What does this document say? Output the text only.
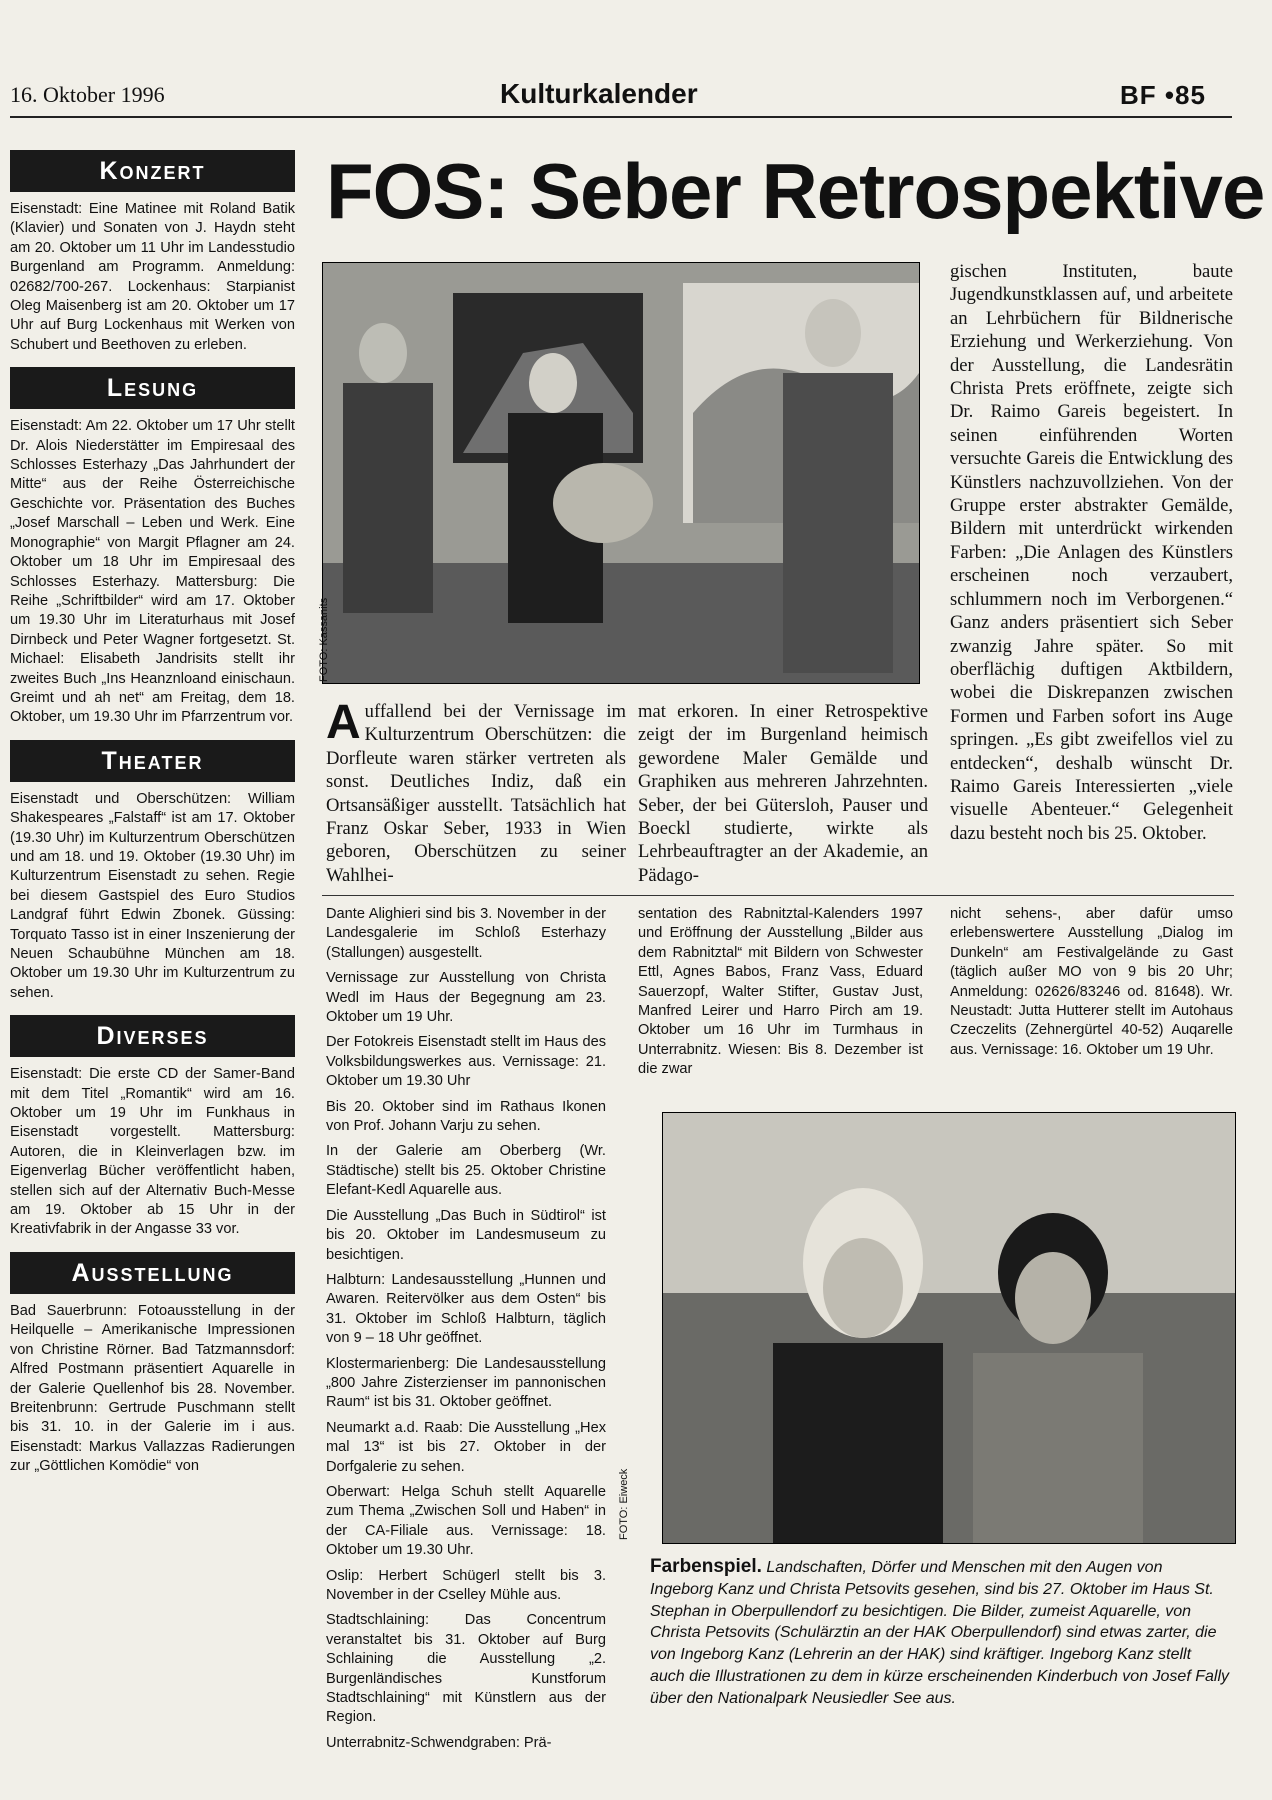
16. Oktober 1996	Kulturkalender	BF •85
Konzert
Eisenstadt: Eine Matinee mit Roland Batik (Klavier) und Sonaten von J. Haydn steht am 20. Oktober um 11 Uhr im Landesstudio Burgenland am Programm. Anmeldung: 02682/700-267. Lockenhaus: Starpianist Oleg Maisenberg ist am 20. Oktober um 17 Uhr auf Burg Lockenhaus mit Werken von Schubert und Beethoven zu erleben.
Lesung
Eisenstadt: Am 22. Oktober um 17 Uhr stellt Dr. Alois Niederstätter im Empiresaal des Schlosses Esterhazy „Das Jahrhundert der Mitte“ aus der Reihe Österreichische Geschichte vor. Präsentation des Buches „Josef Marschall – Leben und Werk. Eine Monographie“ von Margit Pflagner am 24. Oktober um 18 Uhr im Empiresaal des Schlosses Esterhazy. Mattersburg: Die Reihe „Schriftbilder“ wird am 17. Oktober um 19.30 Uhr im Literaturhaus mit Josef Dirnbeck und Peter Wagner fortgesetzt. St. Michael: Elisabeth Jandrisits stellt ihr zweites Buch „Ins Heanznloand einischaun. Greimt und ah net“ am Freitag, dem 18. Oktober, um 19.30 Uhr im Pfarrzentrum vor.
Theater
Eisenstadt und Oberschützen: William Shakespeares „Falstaff“ ist am 17. Oktober (19.30 Uhr) im Kulturzentrum Oberschützen und am 18. und 19. Oktober (19.30 Uhr) im Kulturzentrum Eisenstadt zu sehen. Regie bei diesem Gastspiel des Euro Studios Landgraf führt Edwin Zbonek. Güssing: Torquato Tasso ist in einer Inszenierung der Neuen Schaubühne München am 18. Oktober um 19.30 Uhr im Kulturzentrum zu sehen.
Diverses
Eisenstadt: Die erste CD der Samer-Band mit dem Titel „Romantik“ wird am 16. Oktober um 19 Uhr im Funkhaus in Eisenstadt vorgestellt. Mattersburg: Autoren, die in Kleinverlagen bzw. im Eigenverlag Bücher veröffentlicht haben, stellen sich auf der Alternativ Buch-Messe am 19. Oktober ab 15 Uhr in der Kreativfabrik in der Angasse 33 vor.
Ausstellung
Bad Sauerbrunn: Fotoausstellung in der Heilquelle – Amerikanische Impressionen von Christine Rörner. Bad Tatzmannsdorf: Alfred Postmann präsentiert Aquarelle in der Galerie Quellenhof bis 28. November. Breitenbrunn: Gertrude Puschmann stellt bis 31. 10. in der Galerie im i aus. Eisenstadt: Markus Vallazzas Radierungen zur „Göttlichen Komödie“ von
FOS: Seber Retrospektive
FOTO: Kassanits
Auffallend bei der Vernissage im Kulturzentrum Oberschützen: die Dorfleute waren stärker vertreten als sonst. Deutliches Indiz, daß ein Ortsansäßiger ausstellt. Tatsächlich hat Franz Oskar Seber, 1933 in Wien geboren, Oberschützen zu seiner Wahlhei-
mat erkoren. In einer Retrospektive zeigt der im Burgenland heimisch gewordene Maler Gemälde und Graphiken aus mehreren Jahrzehnten. Seber, der bei Gütersloh, Pauser und Boeckl studierte, wirkte als Lehrbeauftragter an der Akademie, an Pädago-
gischen Instituten, baute Jugendkunstklassen auf, und arbeitete an Lehrbüchern für Bildnerische Erziehung und Werkerziehung. Von der Ausstellung, die Landesrätin Christa Prets eröffnete, zeigte sich Dr. Raimo Gareis begeistert. In seinen einführenden Worten versuchte Gareis die Entwicklung des Künstlers nachzuvollziehen. Von der Gruppe erster abstrakter Gemälde, Bildern mit unterdrückt wirkenden Farben: „Die Anlagen des Künstlers erscheinen noch verzaubert, schlummern noch im Verborgenen.“ Ganz anders präsentiert sich Seber zwanzig Jahre später. So mit oberflächig duftigen Aktbildern, wobei die Diskrepanzen zwischen Formen und Farben sofort ins Auge springen. „Es gibt zweifellos viel zu entdecken“, deshalb wünscht Dr. Raimo Gareis Interessierten „viele visuelle Abenteuer.“ Gelegenheit dazu besteht noch bis 25. Oktober.

Dante Alighieri sind bis 3. November in der Landesgalerie im Schloß Esterhazy (Stallungen) ausgestellt.

Vernissage zur Ausstellung von Christa Wedl im Haus der Begegnung am 23. Oktober um 19 Uhr.

Der Fotokreis Eisenstadt stellt im Haus des Volksbildungswerkes aus. Vernissage: 21. Oktober um 19.30 Uhr

Bis 20. Oktober sind im Rathaus Ikonen von Prof. Johann Varju zu sehen.

In der Galerie am Oberberg (Wr. Städtische) stellt bis 25. Oktober Christine Elefant-Kedl Aquarelle aus.

Die Ausstellung „Das Buch in Südtirol“ ist bis 20. Oktober im Landesmuseum zu besichtigen.

Halbturn: Landesausstellung „Hunnen und Awaren. Reitervölker aus dem Osten“ bis 31. Oktober im Schloß Halbturn, täglich von 9 – 18 Uhr geöffnet.

Klostermarienberg: Die Landesausstellung „800 Jahre Zisterzienser im pannonischen Raum“ ist bis 31. Oktober geöffnet.

Neumarkt a.d. Raab: Die Ausstellung „Hex mal 13“ ist bis 27. Oktober in der Dorfgalerie zu sehen.

Oberwart: Helga Schuh stellt Aquarelle zum Thema „Zwischen Soll und Haben“ in der CA-Filiale aus. Vernissage: 18. Oktober um 19.30 Uhr.

Oslip: Herbert Schügerl stellt bis 3. November in der Cselley Mühle aus.

Stadtschlaining: Das Concentrum veranstaltet bis 31. Oktober auf Burg Schlaining die Ausstellung „2. Burgenländisches Kunstforum Stadtschlaining“ mit Künstlern aus der Region.

Unterrabnitz-Schwendgraben: Prä-

sentation des Rabnitztal-Kalenders 1997 und Eröffnung der Ausstellung „Bilder aus dem Rabnitztal“ mit Bildern von Schwester Ettl, Agnes Babos, Franz Vass, Eduard Sauerzopf, Walter Stifter, Gustav Just, Manfred Leirer und Harro Pirch am 19. Oktober um 16 Uhr im Turmhaus in Unterrabnitz. Wiesen: Bis 8. Dezember ist die zwar

nicht sehens-, aber dafür umso erlebenswertere Ausstellung „Dialog im Dunkeln“ am Festivalgelände zu Gast (täglich außer MO von 9 bis 20 Uhr; Anmeldung: 02626/83246 od. 81648). Wr. Neustadt: Jutta Hutterer stellt im Autohaus Czeczelits (Zehnergürtel 40-52) Auqarelle aus. Vernissage: 16. Oktober um 19 Uhr.

FOTO: Eiweck
Farbenspiel. Landschaften, Dörfer und Menschen mit den Augen von Ingeborg Kanz und Christa Petsovits gesehen, sind bis 27. Oktober im Haus St. Stephan in Oberpullendorf zu besichtigen. Die Bilder, zumeist Aquarelle, von Christa Petsovits (Schulärztin an der HAK Oberpullendorf) sind etwas zarter, die von Ingeborg Kanz (Lehrerin an der HAK) sind kräftiger. Ingeborg Kanz stellt auch die Illustrationen zu dem in kürze erscheinenden Kinderbuch von Josef Fally über den Nationalpark Neusiedler See aus.
